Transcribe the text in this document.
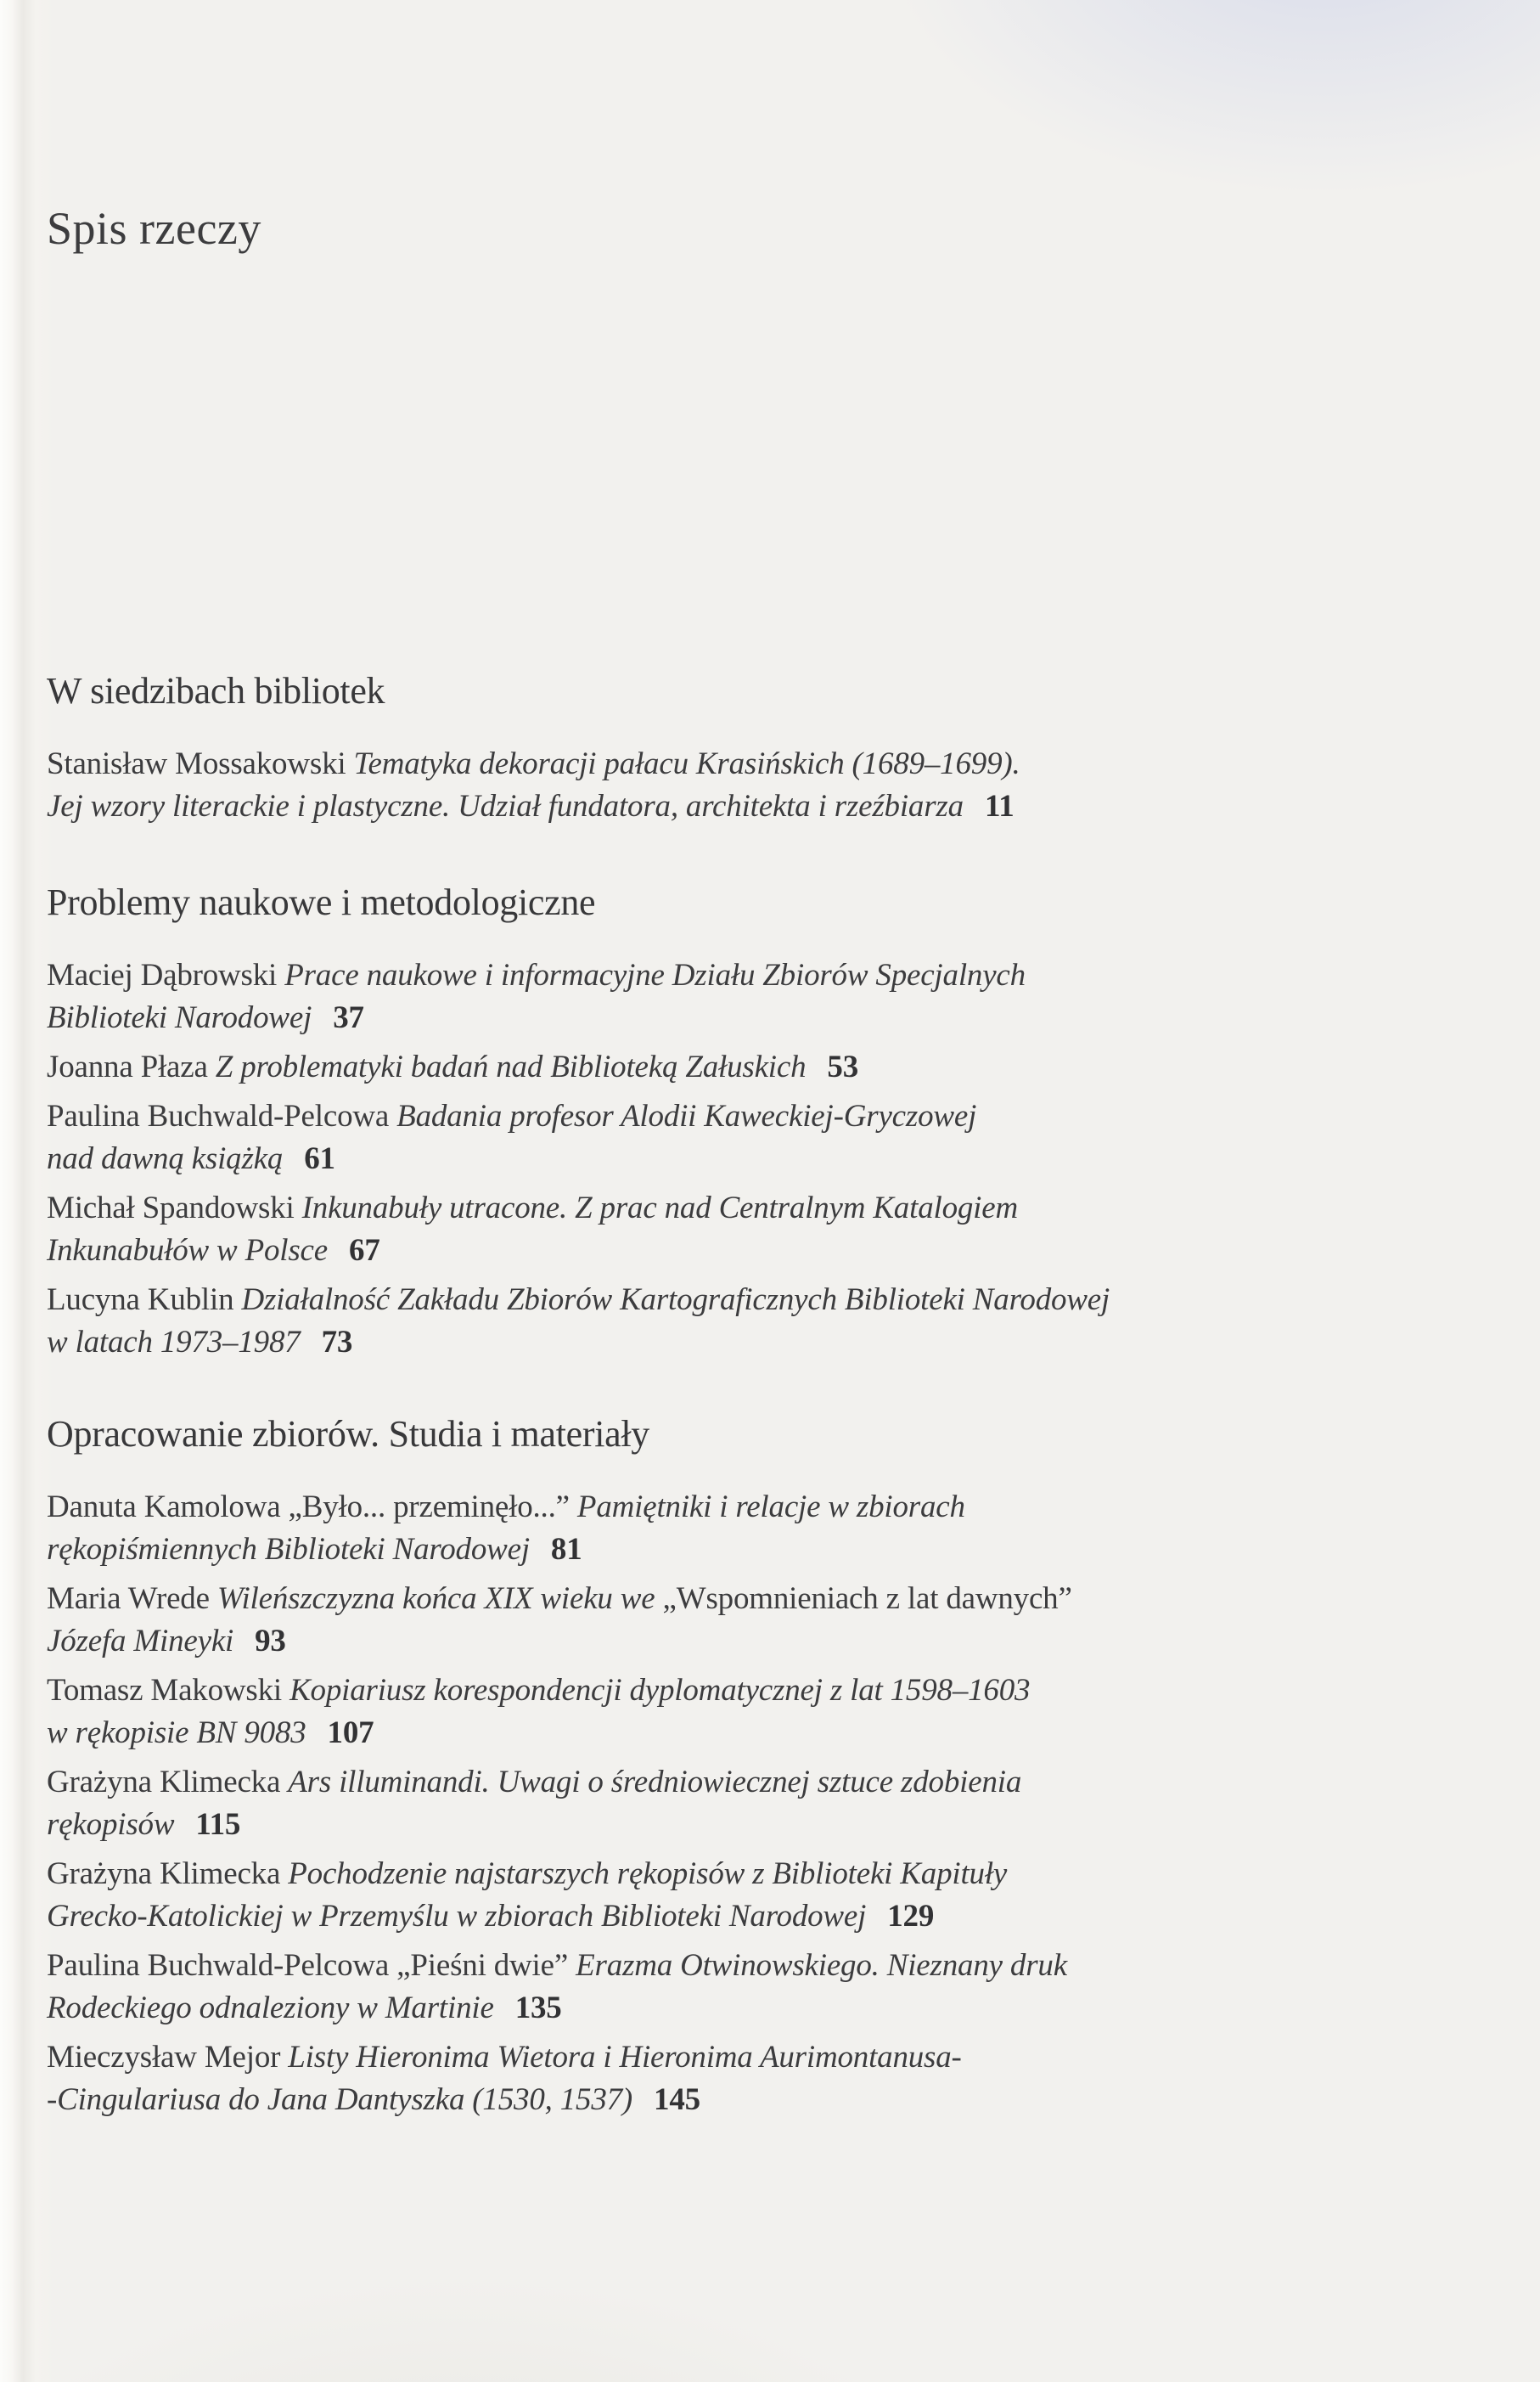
Spis rzeczy
W siedzibach bibliotek

Stanisław Mossakowski Tematyka dekoracji pałacu Krasińskich (1689–1699).
Jej wzory literackie i plastyczne. Udział fundatora, architekta i rzeźbiarza 11

Problemy naukowe i metodologiczne

Maciej Dąbrowski Prace naukowe i informacyjne Działu Zbiorów Specjalnych
Biblioteki Narodowej 37

Joanna Płaza Z problematyki badań nad Biblioteką Załuskich 53

Paulina Buchwald-Pelcowa Badania profesor Alodii Kaweckiej-Gryczowej
nad dawną książką 61

Michał Spandowski Inkunabuły utracone. Z prac nad Centralnym Katalogiem
Inkunabułów w Polsce 67

Lucyna Kublin Działalność Zakładu Zbiorów Kartograficznych Biblioteki Narodowej
w latach 1973–1987 73

Opracowanie zbiorów. Studia i materiały

Danuta Kamolowa „Było... przeminęło...” Pamiętniki i relacje w zbiorach
rękopiśmiennych Biblioteki Narodowej 81

Maria Wrede Wileńszczyzna końca XIX wieku we „Wspomnieniach z lat dawnych”
Józefa Mineyki 93

Tomasz Makowski Kopiariusz korespondencji dyplomatycznej z lat 1598–1603
w rękopisie BN 9083 107

Grażyna Klimecka Ars illuminandi. Uwagi o średniowiecznej sztuce zdobienia
rękopisów 115

Grażyna Klimecka Pochodzenie najstarszych rękopisów z Biblioteki Kapituły
Grecko-Katolickiej w Przemyślu w zbiorach Biblioteki Narodowej 129

Paulina Buchwald-Pelcowa „Pieśni dwie” Erazma Otwinowskiego. Nieznany druk
Rodeckiego odnaleziony w Martinie 135

Mieczysław Mejor Listy Hieronima Wietora i Hieronima Aurimontanusa-
-Cingulariusa do Jana Dantyszka (1530, 1537) 145
